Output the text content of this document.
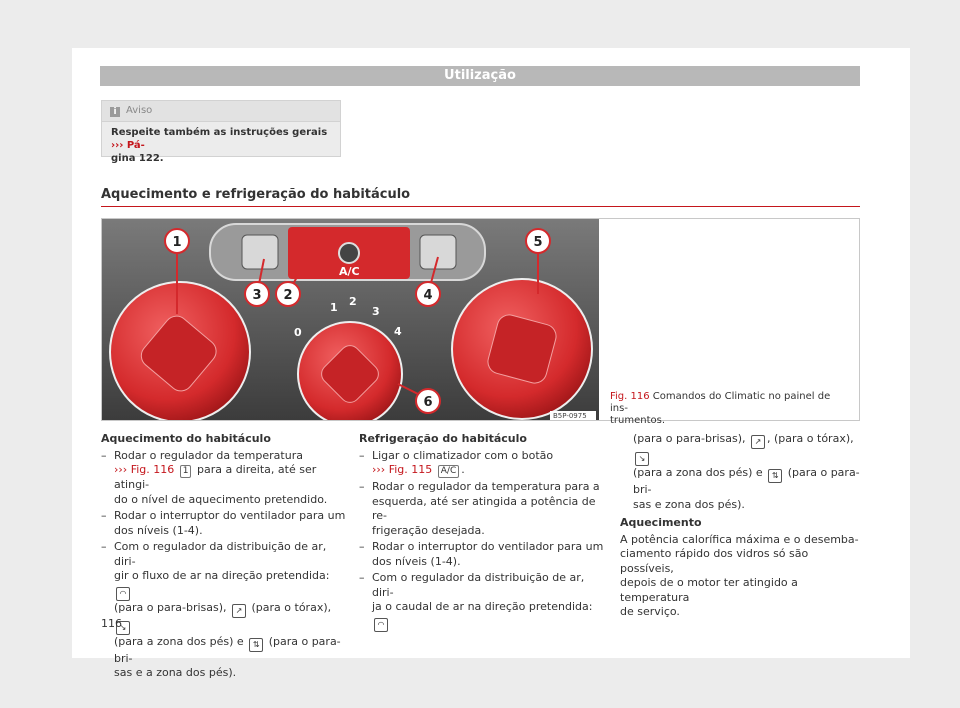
Utilização
i Aviso
Respeite também as instruções gerais ››› Pá-
gina 122.
Aquecimento e refrigeração do habitáculo
A/C
0
1 2
3
4
1
2
3	4
5
6
B5P-0975
Fig. 116 Comandos do Climatic no painel de ins-
trumentos.
Aquecimento do habitáculo
– Rodar o regulador da temperatura
››› Fig. 116 1 para a direita, até ser atingi-
do o nível de aquecimento pretendido.
– Rodar o interruptor do ventilador para um
dos níveis (1-4).
– Com o regulador da distribuição de ar, diri-
gir o fluxo de ar na direção pretendida: ◠
(para o para-brisas), ↗ (para o tórax), ↘
(para a zona dos pés) e ⇅ (para o para-bri-
sas e a zona dos pés).
Refrigeração do habitáculo
– Ligar o climatizador com o botão
››› Fig. 115 A/C .
– Rodar o regulador da temperatura para a
esquerda, até ser atingida a potência de re-
frigeração desejada.
– Rodar o interruptor do ventilador para um
dos níveis (1-4).
– Com o regulador da distribuição de ar, diri-
ja o caudal de ar na direção pretendida: ◠
(para o para-brisas), ↗ , (para o tórax), ↘
(para a zona dos pés) e ⇅ (para o para-bri-
sas e zona dos pés).
Aquecimento
A potência calorífica máxima e o desemba-
ciamento rápido dos vidros só são possíveis,
depois de o motor ter atingido a temperatura
de serviço.
116
